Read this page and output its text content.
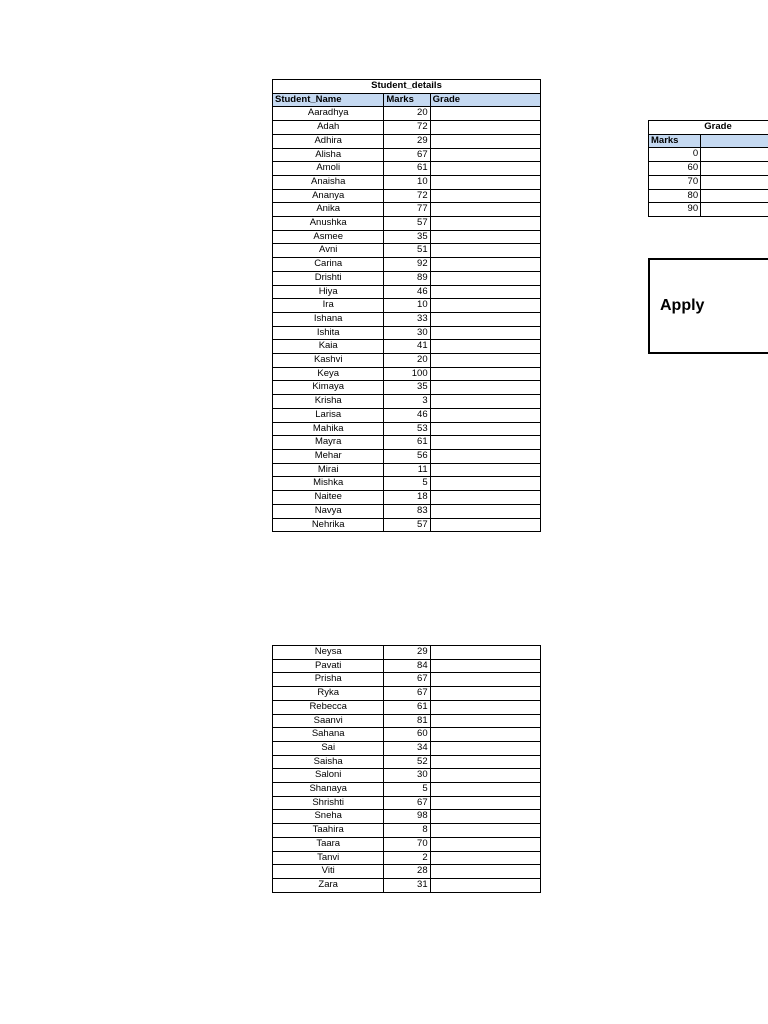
Student_details		
Student_Name	Marks	Grade
Aaradhya	20	
Adah	72	
Adhira	29	
Alisha	67	
Amoli	61	
Anaisha	10	
Ananya	72	
Anika	77	
Anushka	57	
Asmee	35	
Avni	51	
Carina	92	
Drishti	89	
Hiya	46	
Ira	10	
Ishana	33	
Ishita	30	
Kaia	41	
Kashvi	20	
Keya	100	
Kimaya	35	
Krisha	3	
Larisa	46	
Mahika	53	
Mayra	61	
Mehar	56	
Mirai	11	
Mishka	5	
Naitee	18	
Navya	83	
Nehrika	57	
Neysa	29	
Pavati	84	
Prisha	67	
Ryka	67	
Rebecca	61	
Saanvi	81	
Sahana	60	
Sai	34	
Saisha	52	
Saloni	30	
Shanaya	5	
Shrishti	67	
Sneha	98	
Taahira	8	
Taara	70	
Tanvi	2	
Viti	28	
Zara	31	
Grade	
Marks	
0	
60	
70	
80	
90	
Apply
